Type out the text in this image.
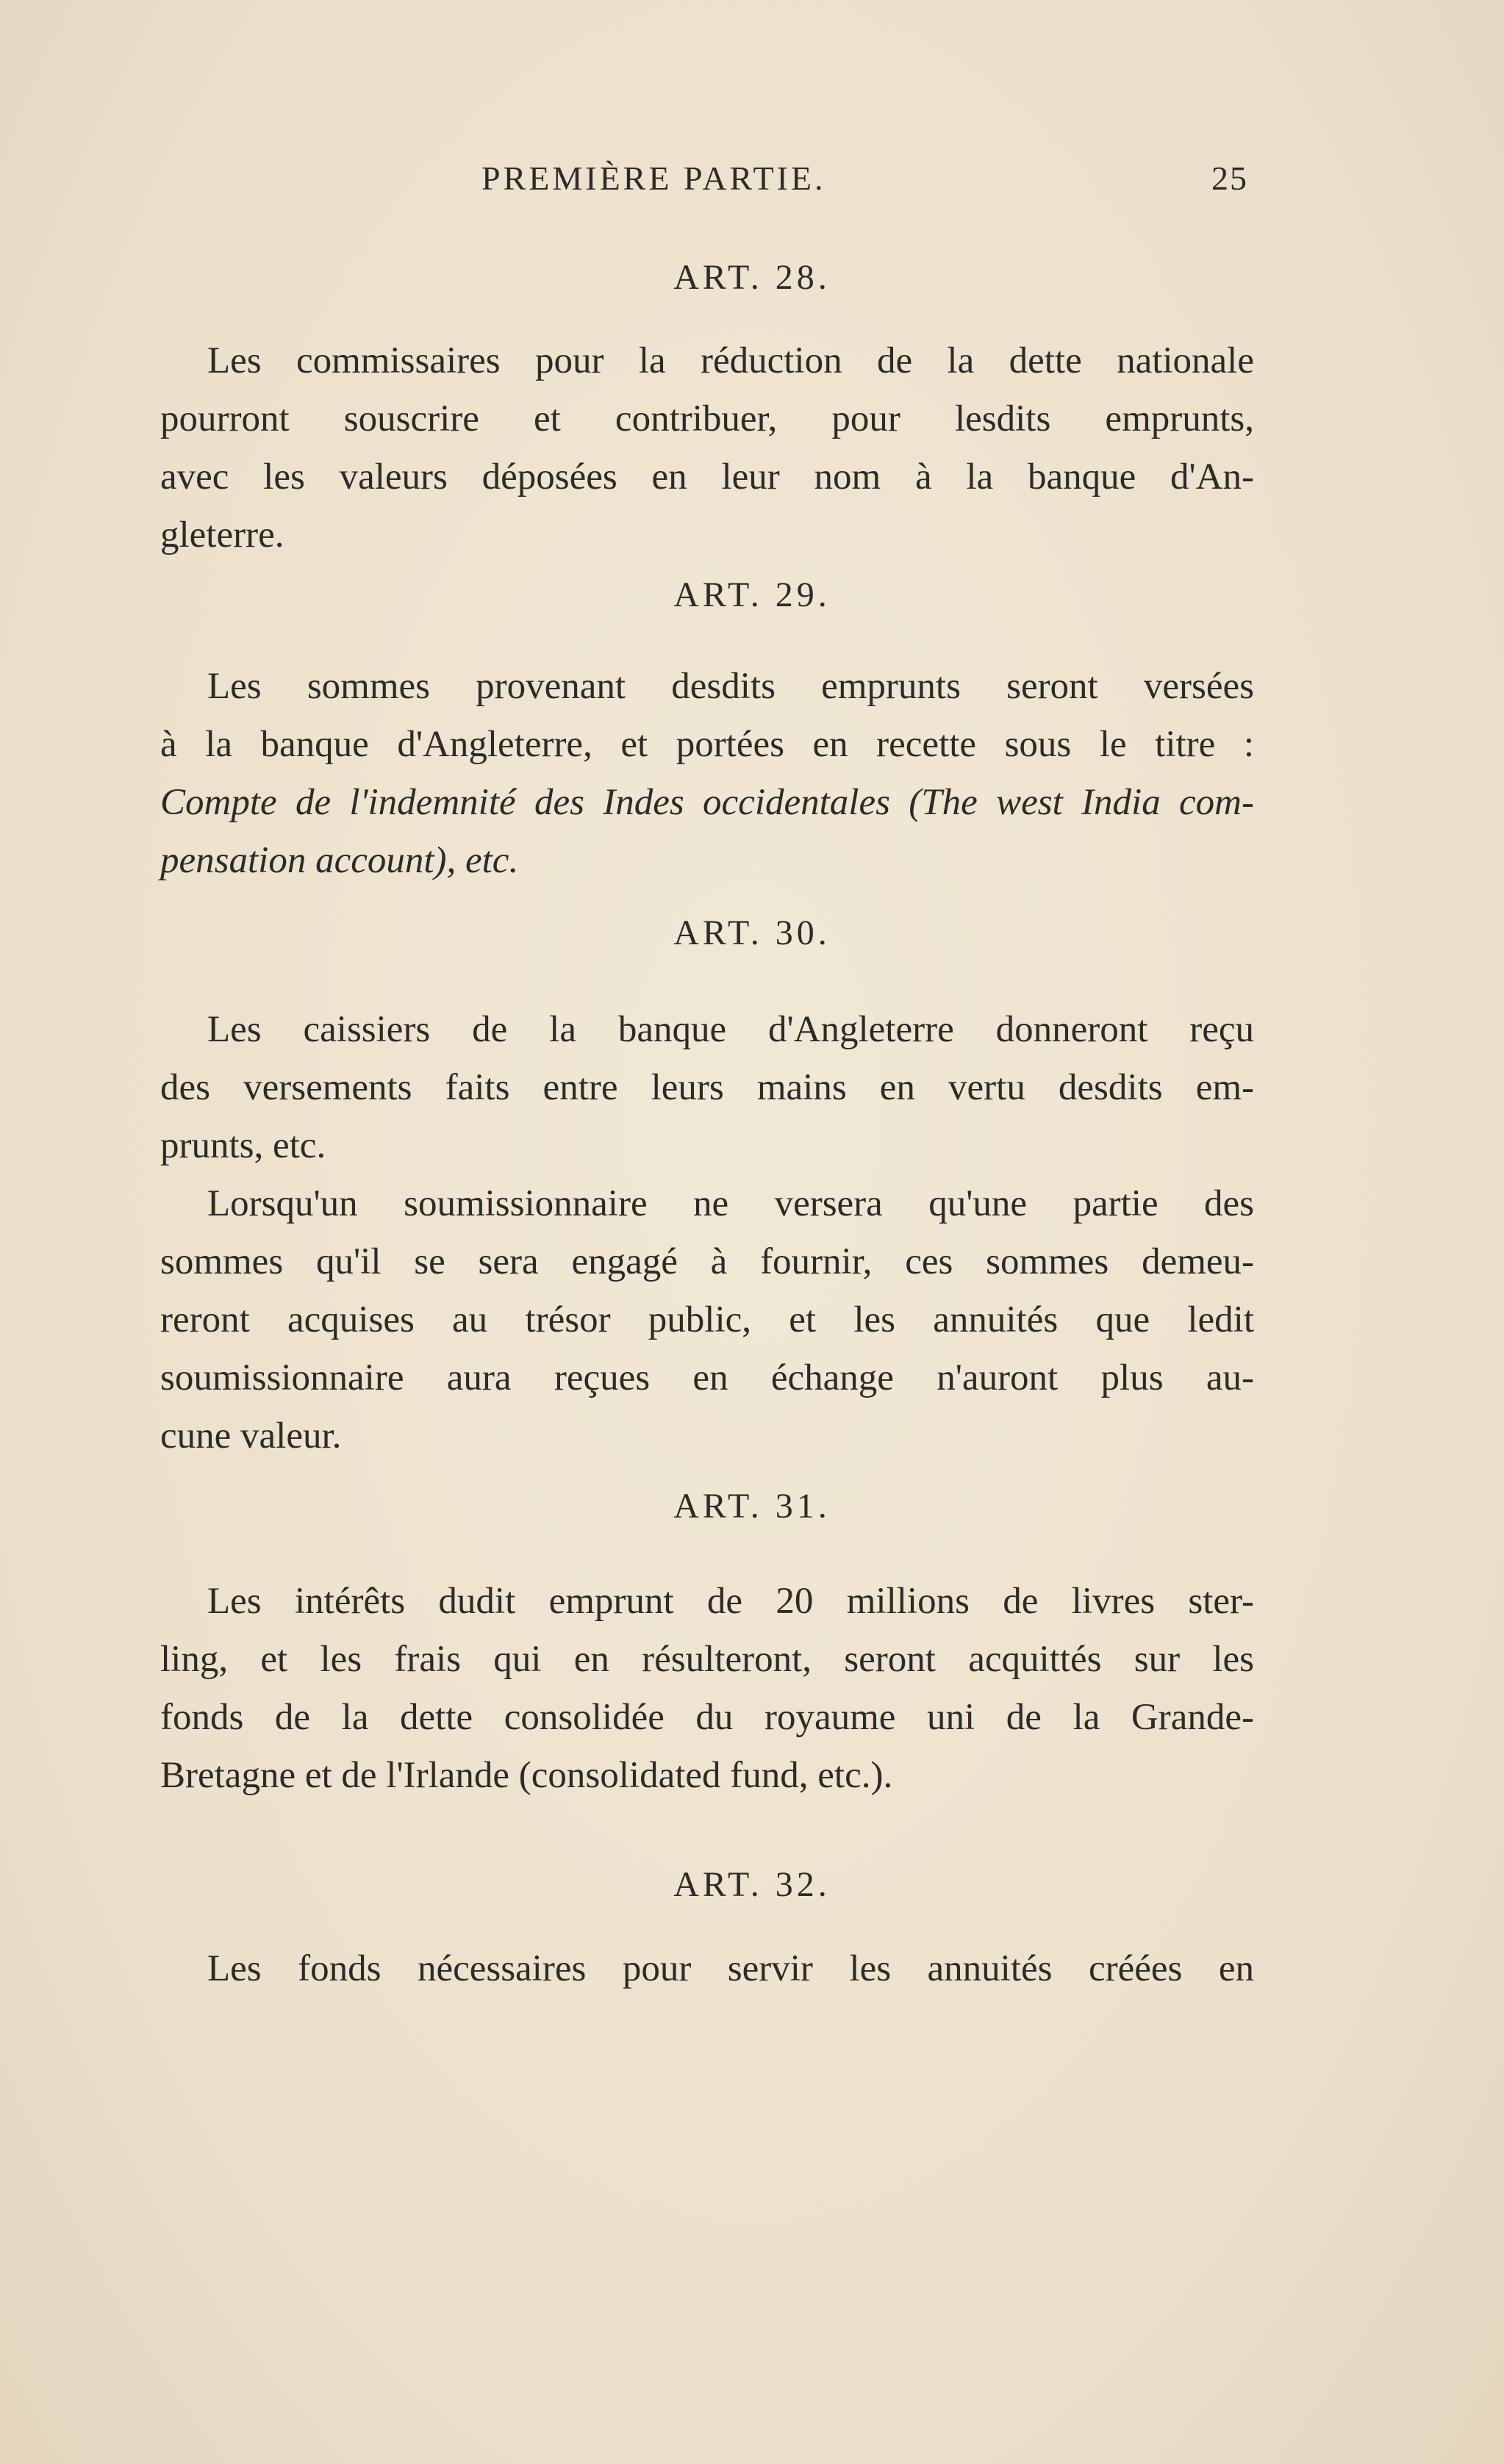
PREMIÈRE PARTIE.	25
ART. 28.
Les commissaires pour la réduction de la dette nationale
pourront souscrire et contribuer, pour lesdits emprunts,
avec les valeurs déposées en leur nom à la banque d'An-
gleterre.
ART. 29.
Les sommes provenant desdits emprunts seront versées
à la banque d'Angleterre, et portées en recette sous le titre :
Compte de l'indemnité des Indes occidentales (The west India com-
pensation account), etc.
ART. 30.
Les caissiers de la banque d'Angleterre donneront reçu
des versements faits entre leurs mains en vertu desdits em-
prunts, etc.
Lorsqu'un soumissionnaire ne versera qu'une partie des
sommes qu'il se sera engagé à fournir, ces sommes demeu-
reront acquises au trésor public, et les annuités que ledit
soumissionnaire aura reçues en échange n'auront plus au-
cune valeur.
ART. 31.
Les intérêts dudit emprunt de 20 millions de livres ster-
ling, et les frais qui en résulteront, seront acquittés sur les
fonds de la dette consolidée du royaume uni de la Grande-
Bretagne et de l'Irlande (consolidated fund, etc.).
ART. 32.
Les fonds nécessaires pour servir les annuités créées en
